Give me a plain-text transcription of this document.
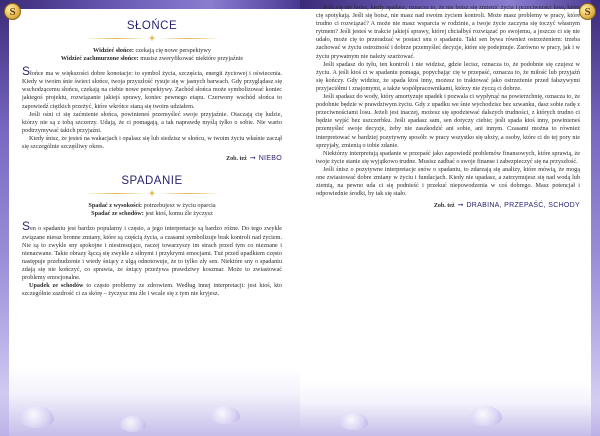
S
SŁOŃCE
Widzieć słońce: czekają cię nowe perspektywy
Widzieć zachmurzone słońce: musisz zweryfikować niektóre przyjaźnie

Słońce ma w większości dobre konotacje: to symbol życia, szczęścia, energii życiowej i oświecenia. Kiedy w twoim śnie świeci słońce, twoja przyszłość rysuje się w jasnych barwach. Gdy przyglądasz się wschodzącemu słońcu, czekają na ciebie nowe perspektywy. Zachód słońca może symbolizować koniec jakiegoś projektu, rozwiązanie jakiejś sprawy, koniec pewnego etapu. Czerwony wschód słońca to zapowiedź ciężkich przeżyć, które wkrótce staną się twoim udziałem.

Jeśli ośni ci się zaćmienie słońca, powinieneś przemyśleć swoje przyjaźnie. Otaczają cię ludzie, którzy nie są z tobą szczerzy. Udają, że ci pomagają, a tak naprawdę myślą tylko o sobie. Nie warto podtrzymywać takich przyjaźni.

Kiedy śnisz, że jesteś na wakacjach i opalasz się lub siedzisz w słońcu, w twoim życiu właśnie zaczął się szczególnie szczęśliwy okres.

Zob. też ➞ NIEBO
SPADANIE
Spadać z wysokości: potrzebujesz w życiu oparcia
Spadać ze schodów: jest ktoś, komu źle życzysz

Sen o spadaniu jest bardzo popularny i często, a jego interpretacje są bardzo różne. Do tego zwykle związane nieraz bronne zmiany, które są częścią życia, a czasami symbolizuje brak kontroli nad życiem. Nie są to zwykle sny spokojne i niestresujące, raczej towarzyszy im strach przed tym co nieznane i nienazwane. Takie obrazy łączą się zwykle z silnymi i przykrymi emocjami. Tuż przed upadkiem często następuje przebudzenie i wtedy śniący z ulgą odnotowuje, że to tylko zły sen. Niektóre sny o spadaniu zdają się nie kończyć, co sprawia, że śniący przeżywa prawdziwy koszmar. Może to zwiastować problemy emocjonalne.

Upadek ze schodów to często problemy ze zdrowiem. Według innej interpretacji: jest ktoś, kto szczególnie zazdrość ci za skórę – życzysz mu źle i wcale się z tym nie kryjesz.

S

Jeśli się nie boisz, kiedy spadasz, oznacza to, że nie boisz się zmienić życia i przeciwności losu, które cię spotykają. Jeśli się boisz, nie masz nad swoim życiem kontroli. Może masz problemy w pracy, które trudno ci rozwiązać? A może nie masz wsparcia w rodzinie, a twoje życie zaczyna się toczyć własnym rytmem? Jeśli jesteś w trakcie jakiejś sprawy, której chciałbyś rozwiązać po swojemu, a jeszcze ci się nie udało, może cię to przeradzać w postaci snu o spadaniu. Taki sen bywa również ostrzeżeniem: trzeba zachować w życiu ostrożność i dobrze przemyśleć decyzje, które się podejmuje. Zarówno w pracy, jak i w życiu prywatnym nie należy szarżować.

Jeśli spadasz do tyłu, ten kontroli i nie widzisz, gdzie lecisz, oznacza to, że podobnie się czujesz w życiu. A jeśli ktoś ci w spadaniu pomaga, popychając cię w przepaść, oznacza to, że miłość lub przyjaźń się kończy. Gdy widzisz, że spada ktoś inny, możesz to traktować jako ostrzeżenie przed fałszywymi przyjaciółmi i znajomymi, a także współpracownikami, którzy nie życzą ci dobrze.

Jeśli spadasz do wody, który amortyzuje upadek i pozwala ci wypłynąć na powierzchnię, oznacza to, że podobnie będzie w prawdziwym życiu. Gdy z upadku we śnie wychodzisz bez szwanku, dasz sobie radę z przeciwnościami losu. Jeżeli jest inaczej, możesz się spodziewać dalszych trudności, z których trudno ci będzie wyjść bez uszczerbku. Jeśli spadasz sam, sen dotyczy ciebie; jeśli spada ktoś inny, powinieneś przemyśleć swoje decyzje, żeby nie zaszkodzić ani sobie, ani innym. Czasami można to również interpretować w bardziej pozytywny sposób: w pracy wszystko się ułoży, a osoby, które ci do tej pory nie sprzyjały, zmienią o tobie zdanie.

Niektórzy interpretują spadanie w przepaść jako zapowiedź problemów finansowych, które sprawią, że twoje życie stanie się wyjątkowo trudne. Musisz zadbać o swoje finanse i zabezpieczyć się na przyszłość.

Jeśli śnisz o pozytywne interpretacje snów o spadaniu, to zdarzają się analizy, które mówią, że mogą one zwiastować dobre zmiany w życiu i fundacjach. Kiedy nie upadasz, a zatrzymujesz się nad wodą lub ziemią, na pewno uda ci się podnieść i przekuć niepowodzenia w coś dobrego. Masz potencjał i odpowiednie środki, by tak się stało.

Zob. też ➞ DRABINA, PRZEPAŚĆ, SCHODY
